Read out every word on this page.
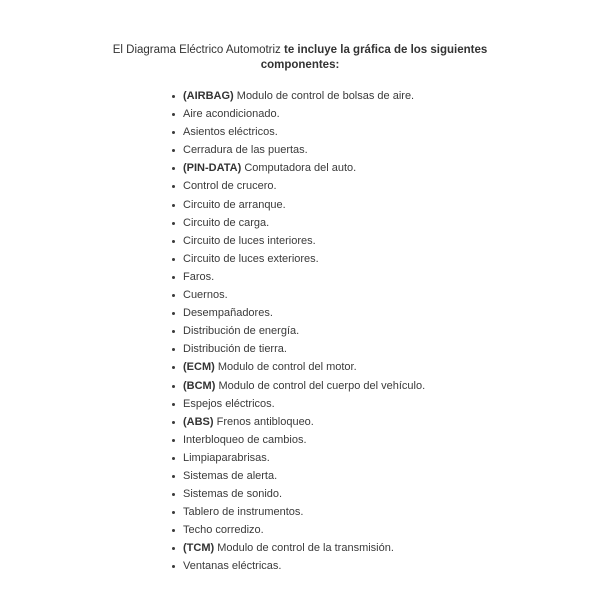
El Diagrama Eléctrico Automotriz te incluye la gráfica de los siguientes componentes:
(AIRBAG) Modulo de control de bolsas de aire.
Aire acondicionado.
Asientos eléctricos.
Cerradura de las puertas.
(PIN-DATA) Computadora del auto.
Control de crucero.
Circuito de arranque.
Circuito de carga.
Circuito de luces interiores.
Circuito de luces exteriores.
Faros.
Cuernos.
Desempañadores.
Distribución de energía.
Distribución de tierra.
(ECM) Modulo de control del motor.
(BCM) Modulo de control del cuerpo del vehículo.
Espejos eléctricos.
(ABS) Frenos antibloqueo.
Interbloqueo de cambios.
Limpiaparabrisas.
Sistemas de alerta.
Sistemas de sonido.
Tablero de instrumentos.
Techo corredizo.
(TCM) Modulo de control de la transmisión.
Ventanas eléctricas.
